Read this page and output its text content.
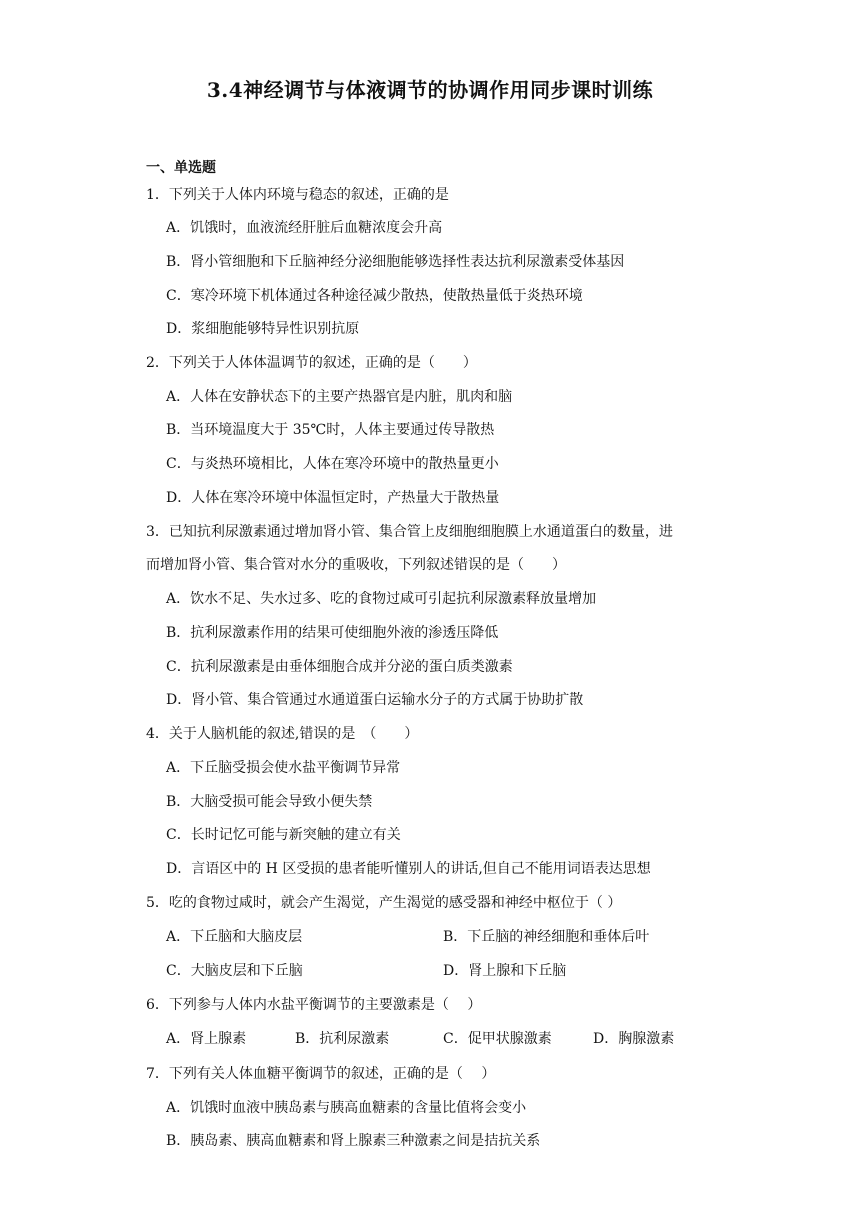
3.4神经调节与体液调节的协调作用同步课时训练
一、单选题
1．下列关于人体内环境与稳态的叙述，正确的是
A．饥饿时，血液流经肝脏后血糖浓度会升高
B．肾小管细胞和下丘脑神经分泌细胞能够选择性表达抗利尿激素受体基因
C．寒冷环境下机体通过各种途径减少散热，使散热量低于炎热环境
D．浆细胞能够特异性识别抗原
2．下列关于人体体温调节的叙述，正确的是（　　）
A．人体在安静状态下的主要产热器官是内脏，肌肉和脑
B．当环境温度大于 35℃时，人体主要通过传导散热
C．与炎热环境相比，人体在寒冷环境中的散热量更小
D．人体在寒冷环境中体温恒定时，产热量大于散热量
3．已知抗利尿激素通过增加肾小管、集合管上皮细胞细胞膜上水通道蛋白的数量，进
而增加肾小管、集合管对水分的重吸收，下列叙述错误的是（　　）
A．饮水不足、失水过多、吃的食物过咸可引起抗利尿激素释放量增加
B．抗利尿激素作用的结果可使细胞外液的渗透压降低
C．抗利尿激素是由垂体细胞合成并分泌的蛋白质类激素
D．肾小管、集合管通过水通道蛋白运输水分子的方式属于协助扩散
4．关于人脑机能的叙述,错误的是　（　　）
A．下丘脑受损会使水盐平衡调节异常
B．大脑受损可能会导致小便失禁
C．长时记忆可能与新突触的建立有关
D．言语区中的 H 区受损的患者能听懂别人的讲话,但自己不能用词语表达思想
5．吃的食物过咸时，就会产生渴觉，产生渴觉的感受器和神经中枢位于（ ）
A．下丘脑和大脑皮层	B．下丘脑的神经细胞和垂体后叶
C．大脑皮层和下丘脑	D．肾上腺和下丘脑
6．下列参与人体内水盐平衡调节的主要激素是（　 ）
A．肾上腺素	B．抗利尿激素	C．促甲状腺激素	D．胸腺激素
7．下列有关人体血糖平衡调节的叙述，正确的是（　 ）
A．饥饿时血液中胰岛素与胰高血糖素的含量比值将会变小
B．胰岛素、胰高血糖素和肾上腺素三种激素之间是拮抗关系
